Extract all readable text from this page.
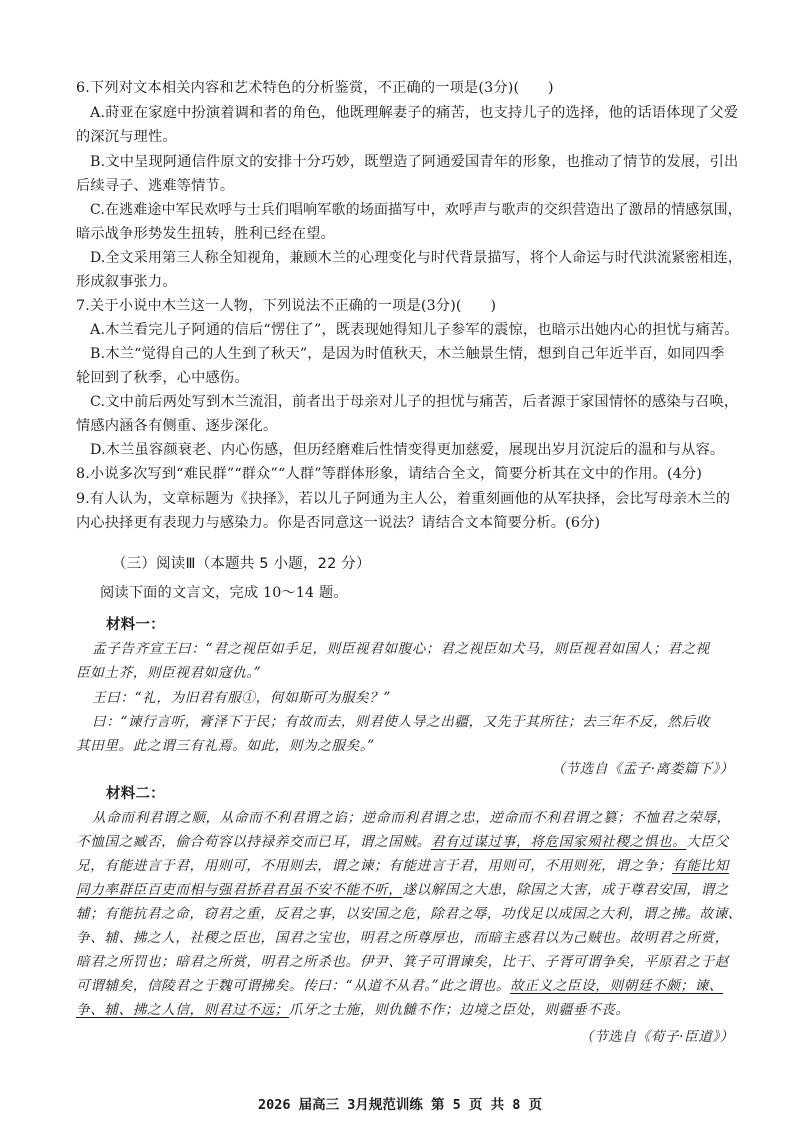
6.下列对文本相关内容和艺术特色的分析鉴赏，不正确的一项是(3分)(　　)
A.莳亚在家庭中扮演着调和者的角色，他既理解妻子的痛苦，也支持儿子的选择，他的话语体现了父爱
的深沉与理性。
B.文中呈现阿通信件原文的安排十分巧妙，既塑造了阿通爱国青年的形象，也推动了情节的发展，引出
后续寻子、逃难等情节。
C.在逃难途中军民欢呼与士兵们唱响军歌的场面描写中，欢呼声与歌声的交织营造出了激昂的情感氛围，
暗示战争形势发生扭转，胜利已经在望。
D.全文采用第三人称全知视角，兼顾木兰的心理变化与时代背景描写，将个人命运与时代洪流紧密相连，
形成叙事张力。
7.关于小说中木兰这一人物，下列说法不正确的一项是(3分)(　　)
A.木兰看完儿子阿通的信后“愣住了”，既表现她得知儿子参军的震惊，也暗示出她内心的担忧与痛苦。
B.木兰“觉得自己的人生到了秋天”，是因为时值秋天，木兰触景生情，想到自己年近半百，如同四季
轮回到了秋季，心中感伤。
C.文中前后两处写到木兰流泪，前者出于母亲对儿子的担忧与痛苦，后者源于家国情怀的感染与召唤，
情感内涵各有侧重、逐步深化。
D.木兰虽容颜衰老、内心伤感，但历经磨难后性情变得更加慈爱，展现出岁月沉淀后的温和与从容。
8.小说多次写到“难民群”“群众”“人群”等群体形象，请结合全文，简要分析其在文中的作用。(4分)
9.有人认为，文章标题为《抉择》，若以儿子阿通为主人公，着重刻画他的从军抉择，会比写母亲木兰的
内心抉择更有表现力与感染力。你是否同意这一说法？请结合文本简要分析。(6分)
（三）阅读Ⅲ（本题共 5 小题，22 分）
阅读下面的文言文，完成 10～14 题。
材料一：
孟子告齐宣王曰：“君之视臣如手足，则臣视君如腹心；君之视臣如犬马，则臣视君如国人；君之视
臣如土芥，则臣视君如寇仇。”
王曰：“礼，为旧君有服①，何如斯可为服矣？”
曰：“谏行言听，膏泽下于民；有故而去，则君使人导之出疆，又先于其所往；去三年不反，然后收
其田里。此之谓三有礼焉。如此，则为之服矣。”
（节选自《孟子·离娄篇下》）
材料二：
从命而利君谓之顺，从命而不利君谓之谄；逆命而利君谓之忠，逆命而不利君谓之篡；不恤君之荣辱，
不恤国之臧否，偷合苟容以持禄养交而已耳，谓之国贼。君有过谋过事，将危国家殒社稷之惧也。大臣父
兄，有能进言于君，用则可，不用则去，谓之谏；有能进言于君，用则可，不用则死，谓之争；有能比知
同力率群臣百吏而相与强君挢君君虽不安不能不听，遂以解国之大患，除国之大害，成于尊君安国，谓之
辅；有能抗君之命，窃君之重，反君之事，以安国之危，除君之辱，功伐足以成国之大利，谓之拂。故谏、
争、辅、拂之人，社稷之臣也，国君之宝也，明君之所尊厚也，而暗主惑君以为己贼也。故明君之所赏，
暗君之所罚也；暗君之所赏，明君之所杀也。伊尹、箕子可谓谏矣，比干、子胥可谓争矣，平原君之于赵
可谓辅矣，信陵君之于魏可谓拂矣。传曰：“从道不从君。”此之谓也。故正义之臣设，则朝廷不颇；谏、
争、辅、拂之人信，则君过不远；爪牙之士施，则仇雠不作；边境之臣处，则疆垂不丧。
（节选自《荀子·臣道》）
2026 届高三 3月规范训练 第 5 页 共 8 页
